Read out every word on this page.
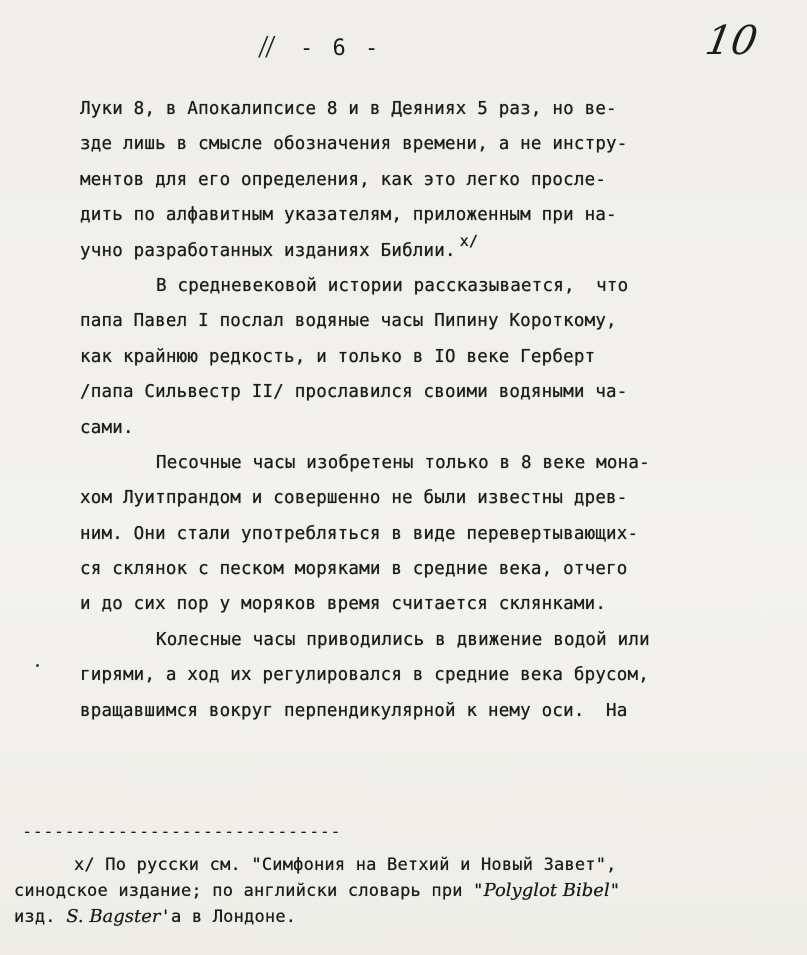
// - 6 -	10
Луки 8, в Апокалипсисе 8 и в Деяниях 5 раз, но ве-
зде лишь в смысле обозначения времени, а не инстру-
ментов для его определения, как это легко просле-
дить по алфавитным указателям, приложенным при на-
учно разработанных изданиях Библии. x/
В средневековой истории рассказывается,  что
папа Павел I послал водяные часы Пипину Короткому,
как крайнюю редкость, и только в IO веке Герберт
/папа Сильвестр II/ прославился своими водяными ча-
сами.
Песочные часы изобретены только в 8 веке мона-
хом Луитпрандом и совершенно не были известны древ-
ним. Они стали употребляться в виде перевертывающих-
ся склянок с песком моряками в средние века, отчего
и до сих пор у моряков время считается склянками.
Колесные часы приводились в движение водой или
гирями, а ход их регулировался в средние века брусом,
вращавшимся вокруг перпендикулярной к нему оси.  На
------------------------------
x/ По русски см. "Симфония на Ветхий и Новый Завет",
синодское издание; по английски словарь при "Polyglot Bibel"
изд. S. Bagster'а в Лондоне.
